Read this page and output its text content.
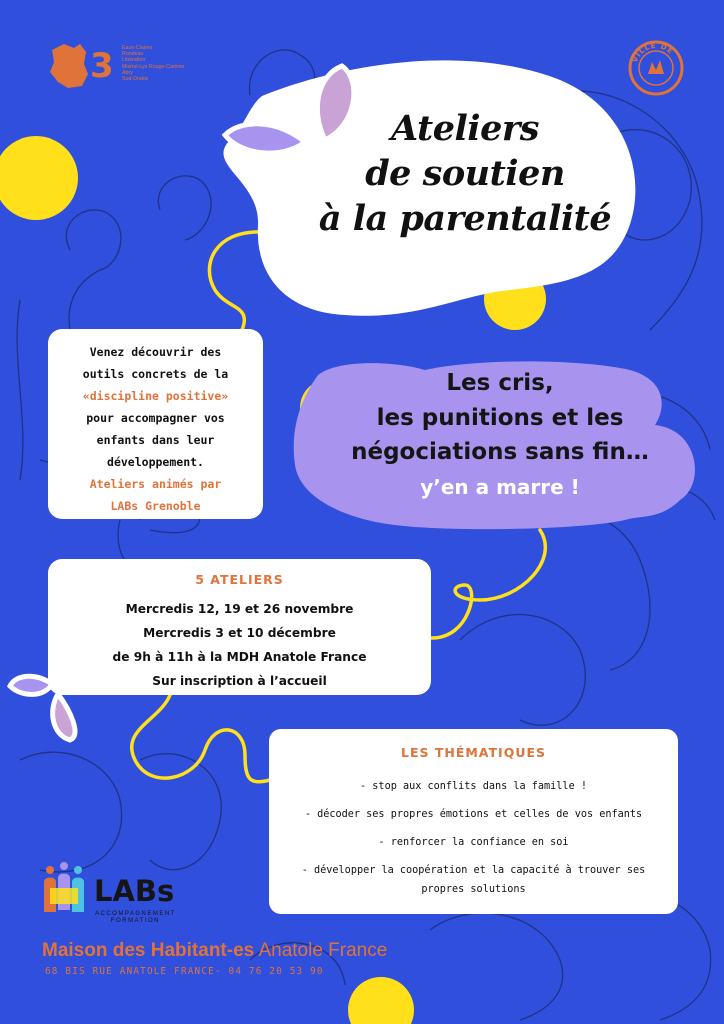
3 Eaux-Claires
Rondeau
Libération
Mistral-Lys Rouge-Camine
Abry
Sud-Drakis
VILLE DE
Ateliers
de soutien
à la parentalité
Venez découvrir des
outils concrets de la
«discipline positive»
pour accompagner vos
enfants dans leur
développement.
Ateliers animés par
LABs Grenoble
Les cris,
les punitions et les
négociations sans fin…
y’en a marre !
5 ATELIERS
Mercredis 12, 19 et 26 novembre
Mercredis 3 et 10 décembre
de 9h à 11h à la MDH Anatole France
Sur inscription à l’accueil
LES THÉMATIQUES
- stop aux conflits dans la famille !
- décoder ses propres émotions et celles de vos enfants
- renforcer la confiance en soi
- développer la coopération et la capacité à trouver ses propres solutions
LABs
ACCOMPAGNEMENT
FORMATION
Maison des Habitant-es Anatole France
68 BIS RUE ANATOLE FRANCE- 04 76 20 53 90
